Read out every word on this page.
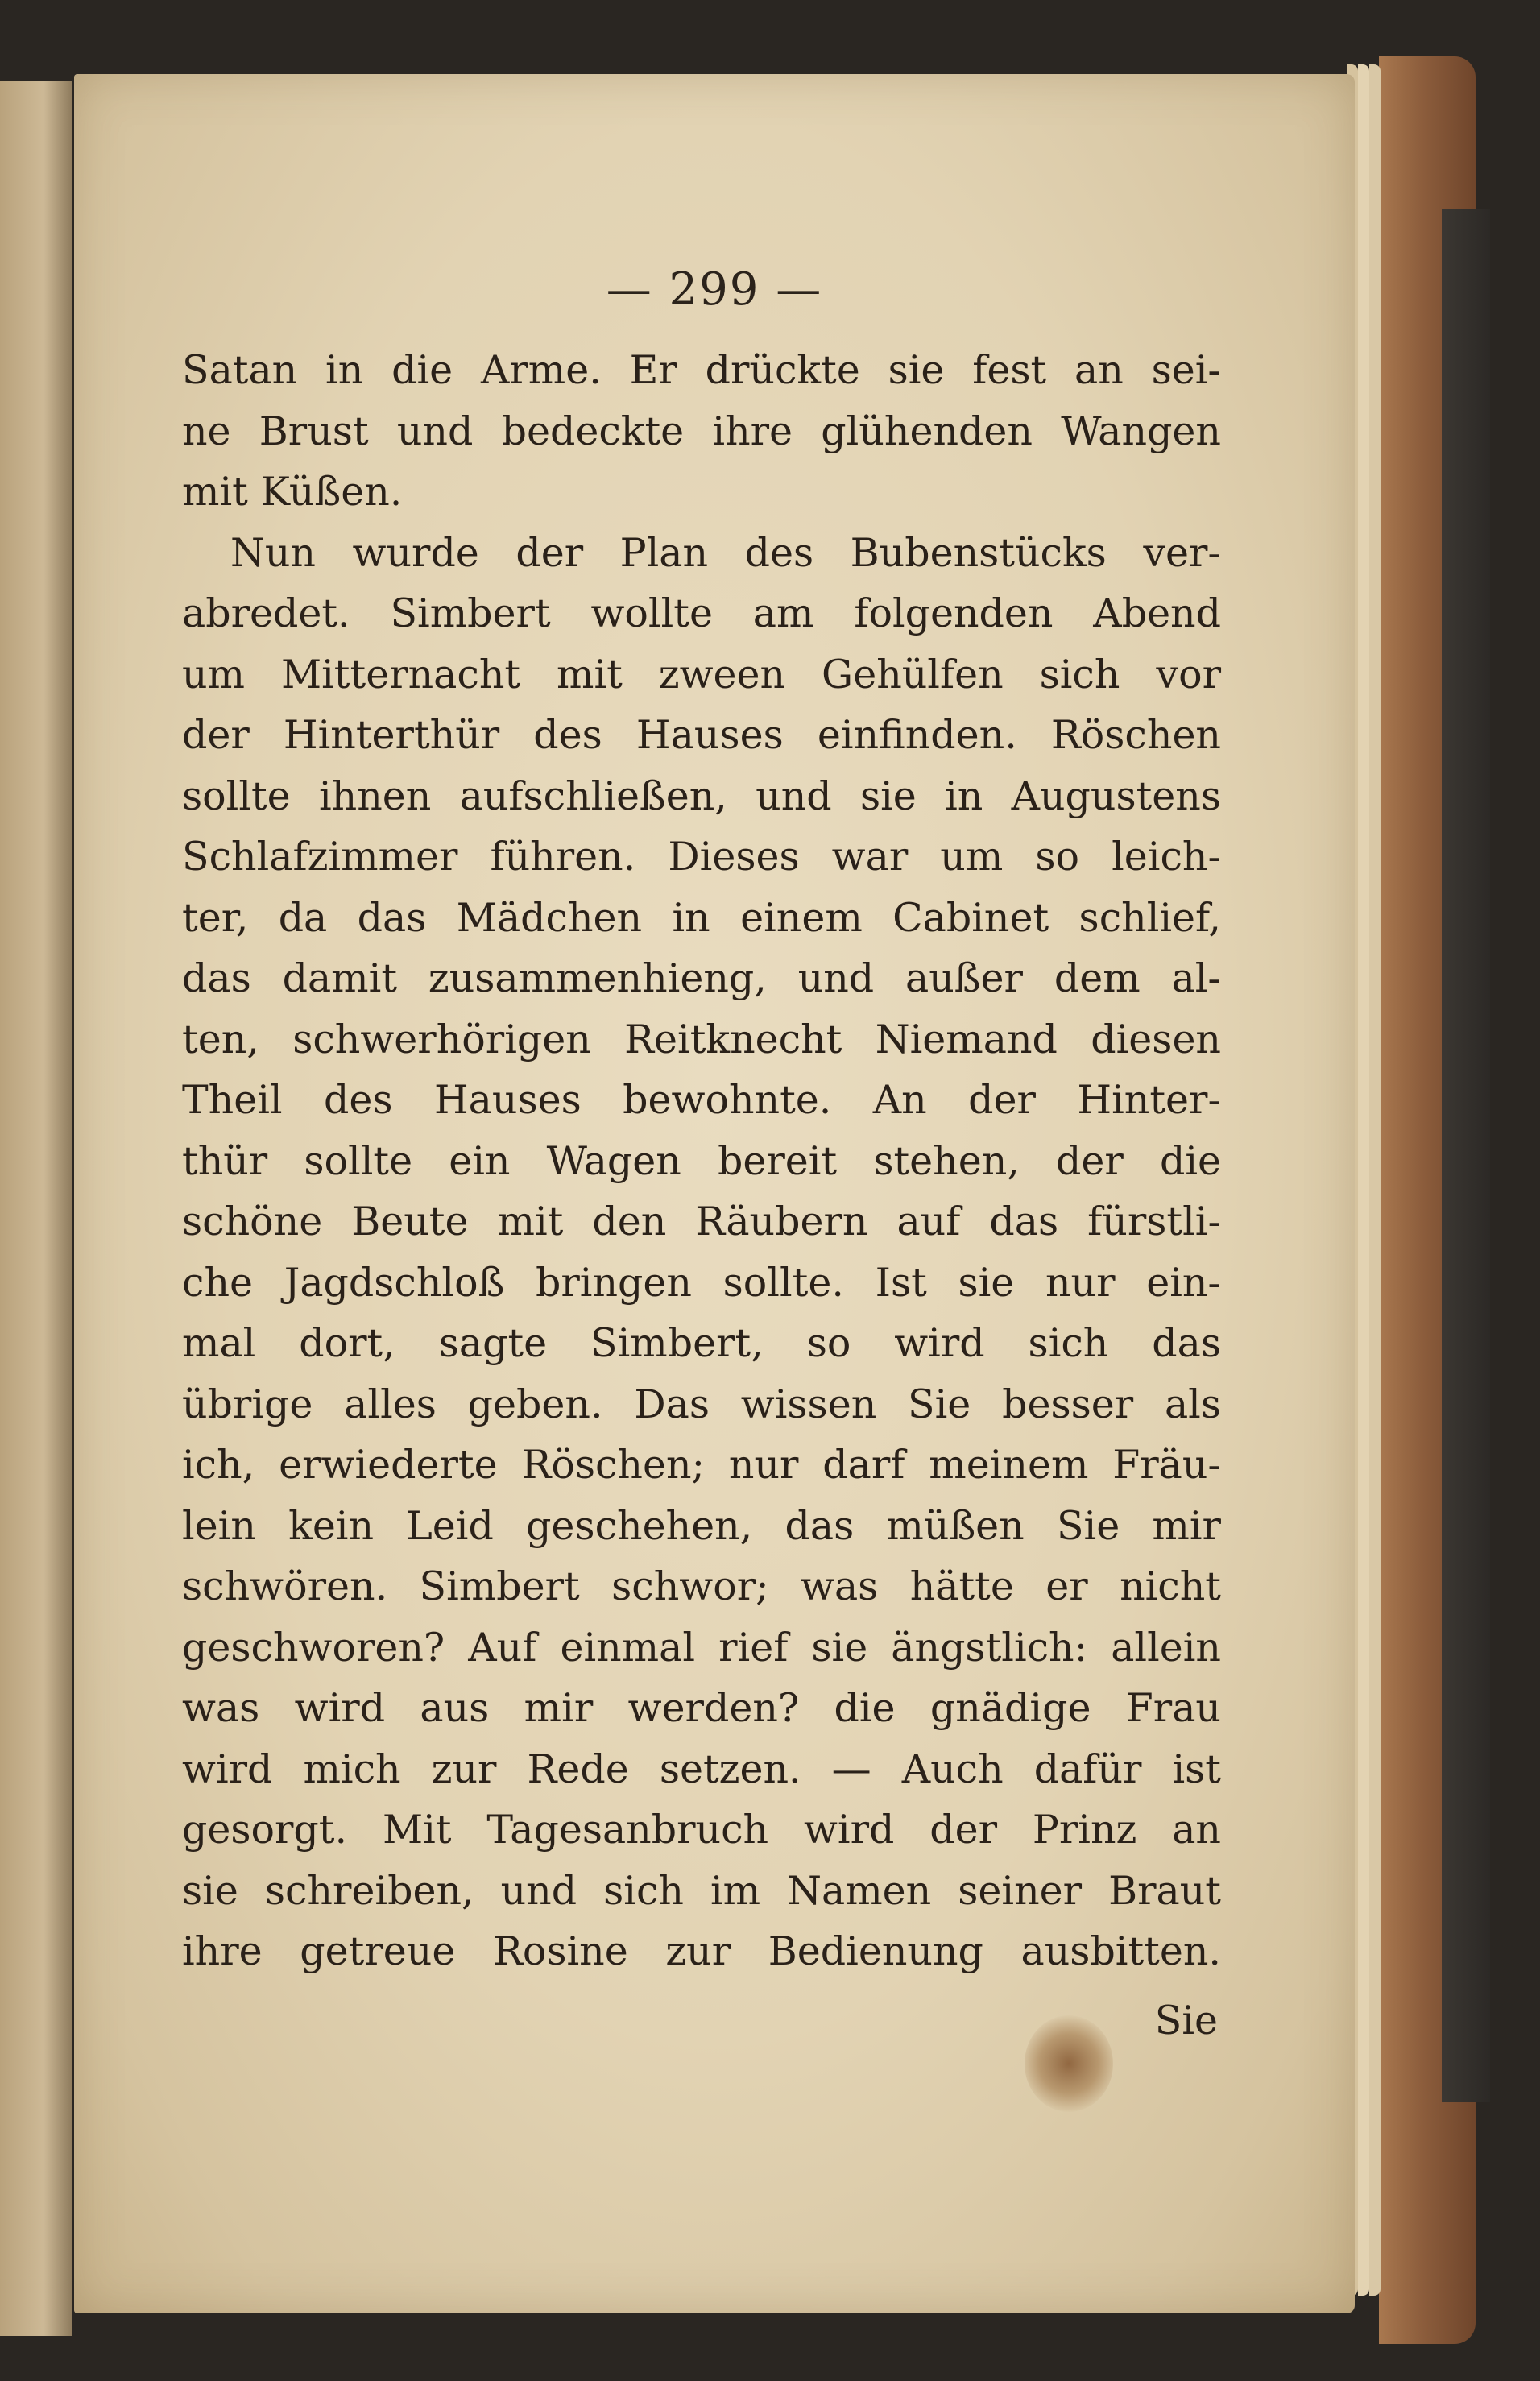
— 299 —
Satan in die Arme. Er drückte sie fest an sei-
ne Brust und bedeckte ihre glühenden Wangen
mit Küßen.
Nun wurde der Plan des Bubenstücks ver-
abredet. Simbert wollte am folgenden Abend
um Mitternacht mit zween Gehülfen sich vor
der Hinterthür des Hauses einfinden. Röschen
sollte ihnen aufschließen, und sie in Augustens
Schlafzimmer führen. Dieses war um so leich-
ter, da das Mädchen in einem Cabinet schlief,
das damit zusammenhieng, und außer dem al-
ten, schwerhörigen Reitknecht Niemand diesen
Theil des Hauses bewohnte. An der Hinter-
thür sollte ein Wagen bereit stehen, der die
schöne Beute mit den Räubern auf das fürstli-
che Jagdschloß bringen sollte. Ist sie nur ein-
mal dort, sagte Simbert, so wird sich das
übrige alles geben. Das wissen Sie besser als
ich, erwiederte Röschen; nur darf meinem Fräu-
lein kein Leid geschehen, das müßen Sie mir
schwören. Simbert schwor; was hätte er nicht
geschworen? Auf einmal rief sie ängstlich: allein
was wird aus mir werden? die gnädige Frau
wird mich zur Rede setzen. — Auch dafür ist
gesorgt. Mit Tagesanbruch wird der Prinz an
sie schreiben, und sich im Namen seiner Braut
ihre getreue Rosine zur Bedienung ausbitten.
Sie
